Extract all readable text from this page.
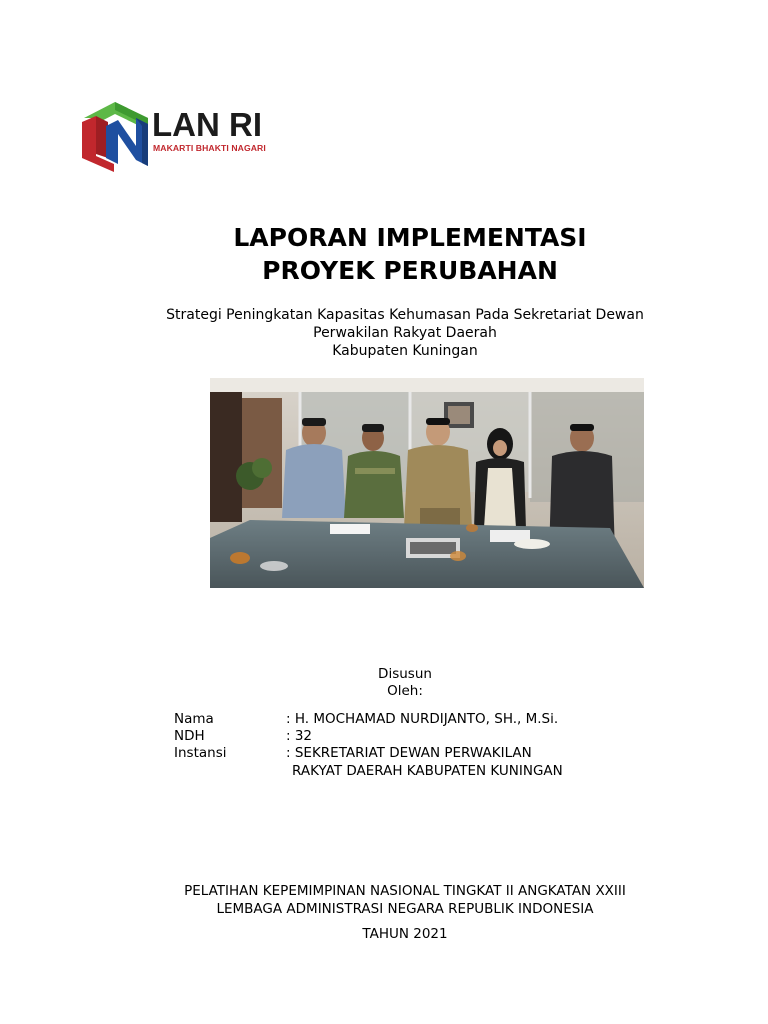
LAN RI
MAKARTI BHAKTI NAGARI
LAPORAN IMPLEMENTASI
PROYEK PERUBAHAN
Strategi Peningkatan Kapasitas Kehumasan Pada Sekretariat Dewan
Perwakilan Rakyat Daerah
Kabupaten Kuningan
Disusun
Oleh:
Nama	: H. MOCHAMAD NURDIJANTO, SH., M.Si.
NDH	: 32
Instansi	: SEKRETARIAT DEWAN PERWAKILAN
RAKYAT DAERAH KABUPATEN KUNINGAN
PELATIHAN KEPEMIMPINAN NASIONAL TINGKAT II ANGKATAN XXIII
LEMBAGA ADMINISTRASI NEGARA REPUBLIK INDONESIA
TAHUN 2021
